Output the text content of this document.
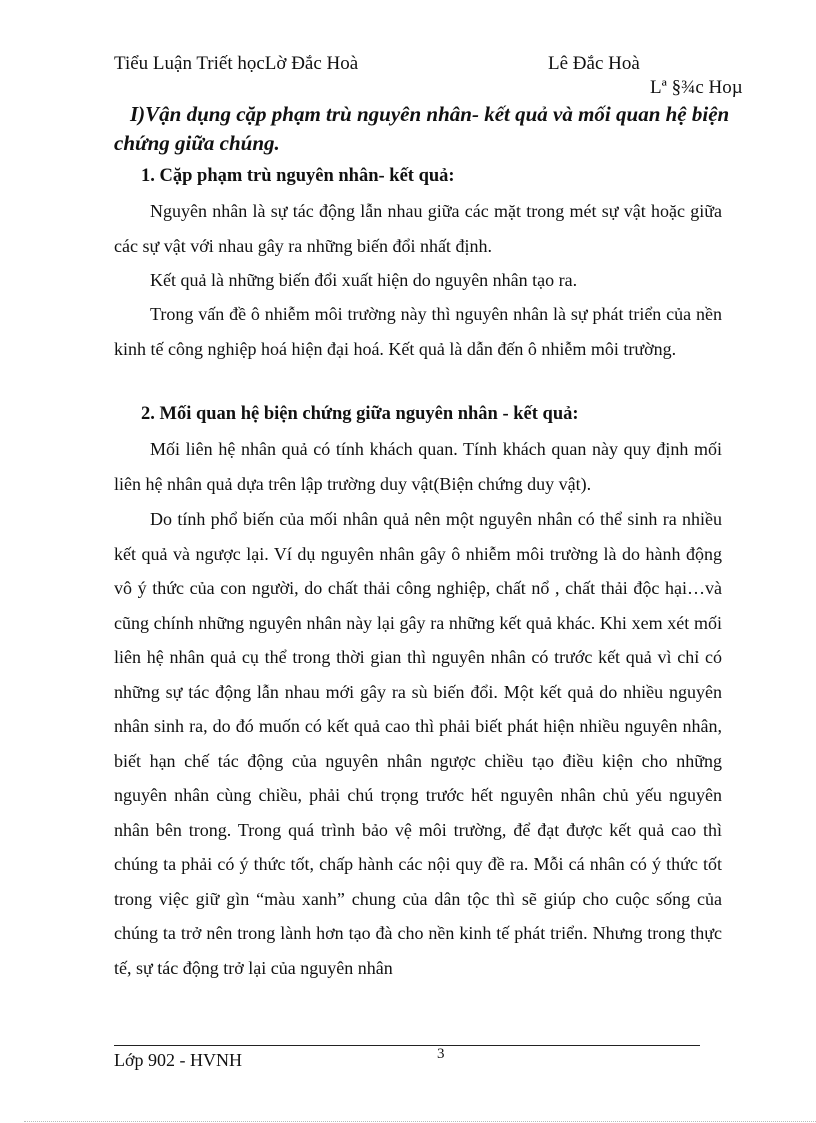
Tiểu Luận Triết họcLờ Đắc Hoà	Lê Đắc Hoà
Lª §¾c Hoµ
I)Vận dụng cặp phạm trù nguyên nhân- kết quả và mối quan hệ biện chứng giữa chúng.
1. Cặp phạm trù nguyên nhân- kết quả:
Nguyên nhân là sự tác động lẫn nhau giữa các mặt trong mét sự vật hoặc giữa các sự vật với nhau gây ra những biến đổi nhất định.
Kết quả là những biến đổi xuất hiện do nguyên nhân tạo ra.
Trong vấn đề ô nhiễm môi trường này thì nguyên nhân là sự phát triển của nền kinh tế công nghiệp hoá hiện đại hoá. Kết quả là dẫn đến ô nhiễm môi trường.
2. Mối quan hệ biện chứng giữa nguyên nhân - kết quả:
Mối liên hệ nhân quả có tính khách quan. Tính khách quan này quy định mối liên hệ nhân quả dựa trên lập trường duy vật(Biện chứng duy vật).
Do tính phổ biến của mối nhân quả nên một nguyên nhân có thể sinh ra nhiều kết quả và ngược lại. Ví dụ nguyên nhân gây ô nhiễm môi trường là do hành động vô ý thức của con người, do chất thải công nghiệp, chất nổ , chất thải độc hại…và cũng chính những nguyên nhân này lại gây ra những kết quả khác. Khi xem xét mối liên hệ nhân quả cụ thể trong thời gian thì nguyên nhân có trước kết quả vì chỉ có những sự tác động lẫn nhau mới gây ra sù biến đổi. Một kết quả do nhiều nguyên nhân sinh ra, do đó muốn có kết quả cao thì phải biết phát hiện nhiều nguyên nhân, biết hạn chế tác động của nguyên nhân ngược chiều tạo điều kiện cho những nguyên nhân cùng chiều, phải chú trọng trước hết nguyên nhân chủ yếu nguyên nhân bên trong. Trong quá trình bảo vệ môi trường, để đạt được kết quả cao thì chúng ta phải có ý thức tốt, chấp hành các nội quy đề ra. Mỗi cá nhân có ý thức tốt trong việc giữ gìn “màu xanh” chung của dân tộc thì sẽ giúp cho cuộc sống của chúng ta trở nên trong lành hơn tạo đà cho nền kinh tế phát triển. Nhưng trong thực tế, sự tác động trở lại của nguyên nhân
Lớp 902 - HVNH	3
